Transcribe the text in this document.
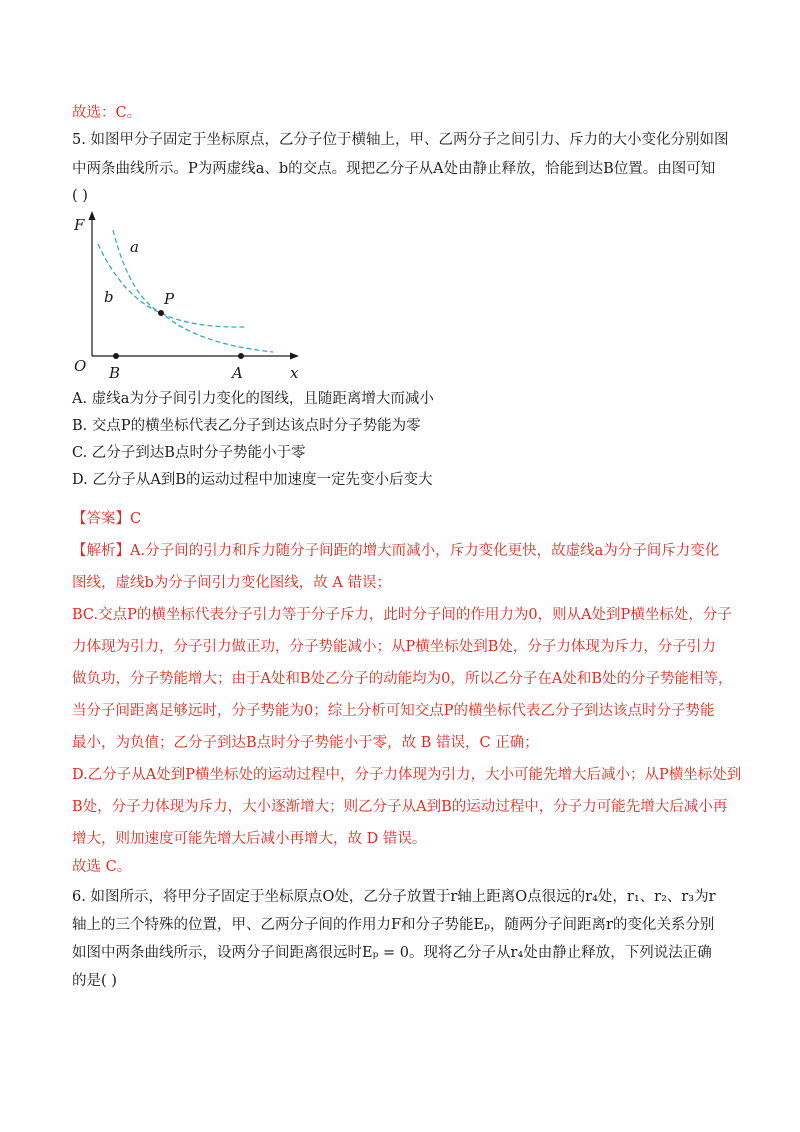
故选：C。
5. 如图甲分子固定于坐标原点，乙分子位于横轴上，甲、乙两分子之间引力、斥力的大小变化分别如图
中两条曲线所示。P为两虚线a、b的交点。现把乙分子从A处由静止释放，恰能到达B位置。由图可知
( )
F
x
O
a
b	P
B	A
A. 虚线a为分子间引力变化的图线，且随距离增大而减小
B. 交点P的横坐标代表乙分子到达该点时分子势能为零
C. 乙分子到达B点时分子势能小于零
D. 乙分子从A到B的运动过程中加速度一定先变小后变大
【答案】C
【解析】A.分子间的引力和斥力随分子间距的增大而减小，斥力变化更快，故虚线a为分子间斥力变化
图线，虚线b为分子间引力变化图线，故 A 错误；
BC.交点P的横坐标代表分子引力等于分子斥力，此时分子间的作用力为0，则从A处到P横坐标处，分子
力体现为引力，分子引力做正功，分子势能减小；从P横坐标处到B处，分子力体现为斥力，分子引力
做负功，分子势能增大；由于A处和B处乙分子的动能均为0，所以乙分子在A处和B处的分子势能相等，
当分子间距离足够远时，分子势能为0；综上分析可知交点P的横坐标代表乙分子到达该点时分子势能
最小，为负值；乙分子到达B点时分子势能小于零，故 B 错误，C 正确；
D.乙分子从A处到P横坐标处的运动过程中，分子力体现为引力，大小可能先增大后减小；从P横坐标处到
B处，分子力体现为斥力，大小逐渐增大；则乙分子从A到B的运动过程中，分子力可能先增大后减小再
增大，则加速度可能先增大后减小再增大，故 D 错误。
故选 C。
6. 如图所示，将甲分子固定于坐标原点O处，乙分子放置于r轴上距离O点很远的r₄处，r₁、r₂、r₃为r
轴上的三个特殊的位置，甲、乙两分子间的作用力F和分子势能Eₚ，随两分子间距离r的变化关系分别
如图中两条曲线所示，设两分子间距离很远时Eₚ = 0。现将乙分子从r₄处由静止释放，下列说法正确
的是( )
